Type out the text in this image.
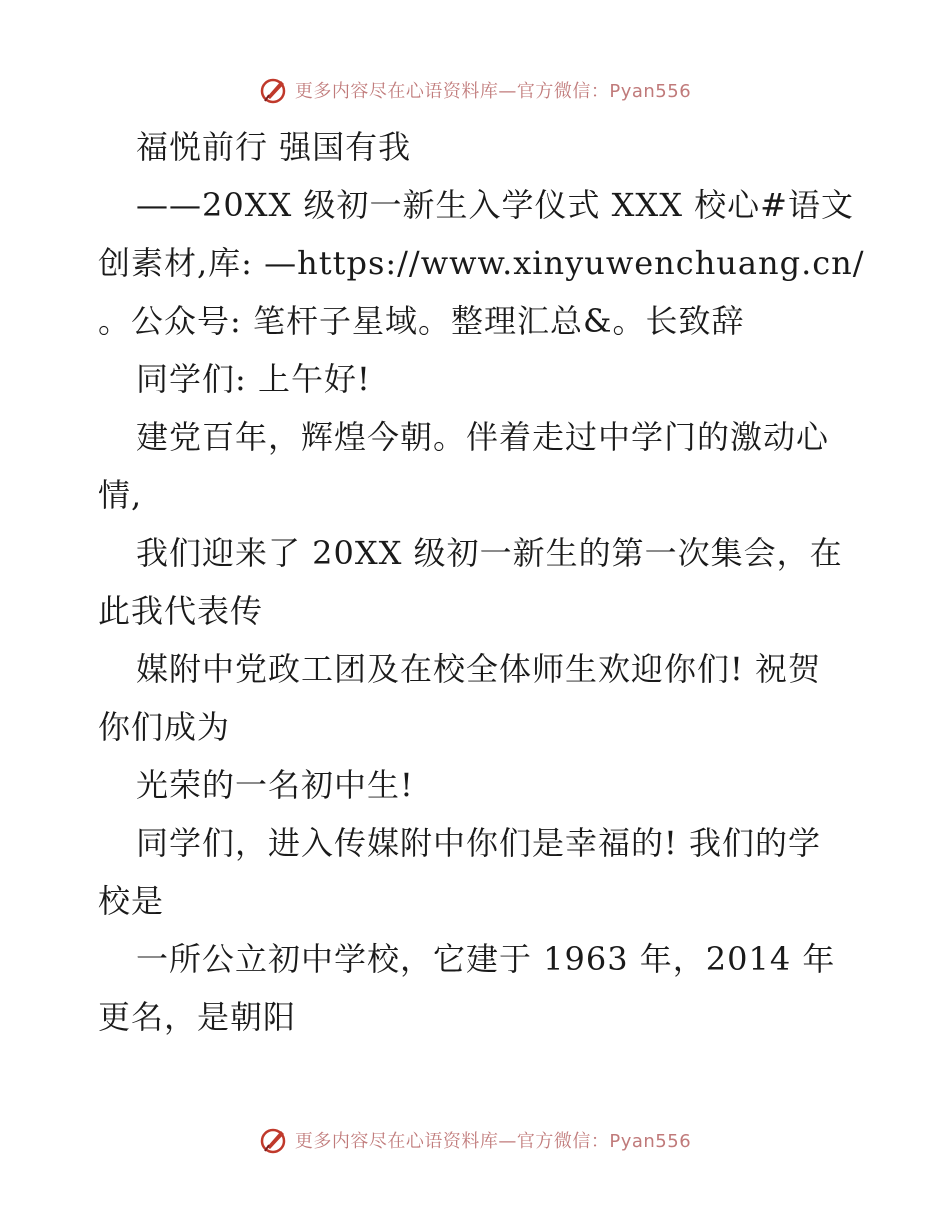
更多内容尽在心语资料库—官方微信：Pyan556
福悦前行 强国有我
——20XX 级初一新生入学仪式 XXX 校心#语文
创素材,库: —https://www.xinyuwenchuang.cn/
。公众号: 笔杆子星域。整理汇总&。长致辞
同学们: 上午好!
建党百年，辉煌今朝。伴着走过中学门的激动心
情,
我们迎来了 20XX 级初一新生的第一次集会，在
此我代表传
媒附中党政工团及在校全体师生欢迎你们! 祝贺
你们成为
光荣的一名初中生!
同学们，进入传媒附中你们是幸福的! 我们的学
校是
一所公立初中学校，它建于 1963 年，2014 年
更名，是朝阳
更多内容尽在心语资料库—官方微信：Pyan556
